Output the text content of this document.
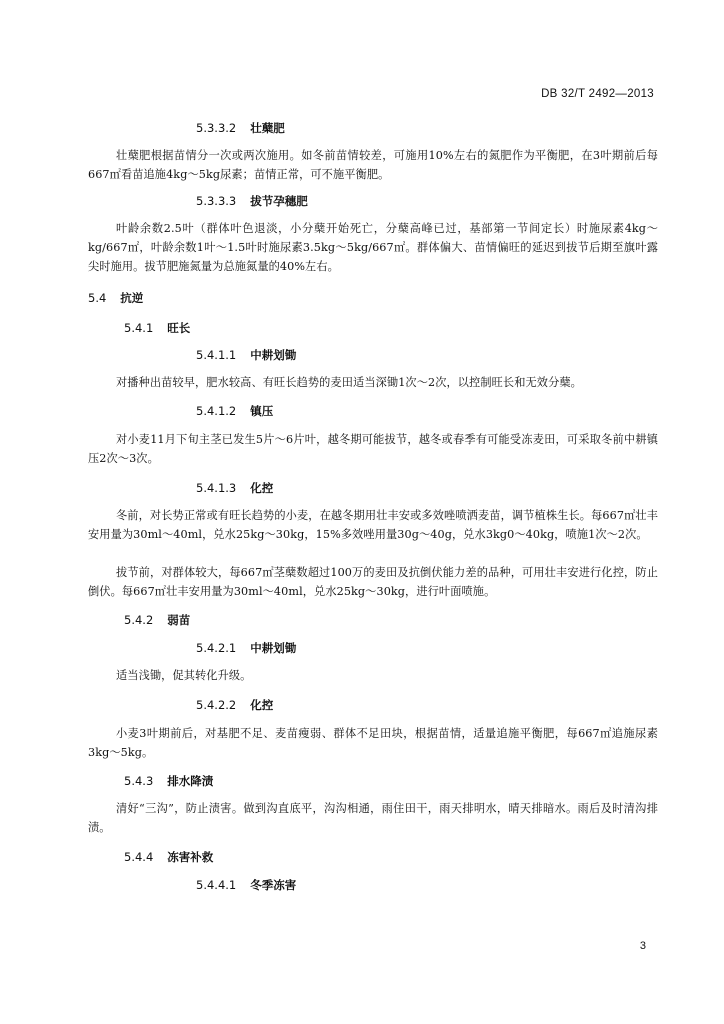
DB 32/T 2492—2013
5.3.3.2 壮蘖肥
壮蘖肥根据苗情分一次或两次施用。如冬前苗情较差，可施用10%左右的氮肥作为平衡肥，在3叶期前后每667㎡看苗追施4kg～5kg尿素；苗情正常，可不施平衡肥。
5.3.3.3 拔节孕穗肥
叶龄余数2.5叶（群体叶色退淡，小分蘖开始死亡，分蘖高峰已过，基部第一节间定长）时施尿素4kg～kg/667㎡，叶龄余数1叶～1.5叶时施尿素3.5kg～5kg/667㎡。群体偏大、苗情偏旺的延迟到拔节后期至旗叶露尖时施用。拔节肥施氮量为总施氮量的40%左右。
5.4 抗逆
5.4.1 旺长
5.4.1.1 中耕划锄
对播种出苗较早，肥水较高、有旺长趋势的麦田适当深锄1次～2次，以控制旺长和无效分蘖。
5.4.1.2 镇压
对小麦11月下旬主茎已发生5片～6片叶，越冬期可能拔节，越冬或春季有可能受冻麦田，可采取冬前中耕镇压2次～3次。
5.4.1.3 化控
冬前，对长势正常或有旺长趋势的小麦，在越冬期用壮丰安或多效唑喷洒麦苗，调节植株生长。每667㎡壮丰安用量为30ml～40ml，兑水25kg～30kg，15%多效唑用量30g～40g，兑水3kg0～40kg，喷施1次～2次。
拔节前，对群体较大，每667㎡茎蘖数超过100万的麦田及抗倒伏能力差的品种，可用壮丰安进行化控，防止倒伏。每667㎡壮丰安用量为30ml～40ml，兑水25kg～30kg，进行叶面喷施。
5.4.2 弱苗
5.4.2.1 中耕划锄
适当浅锄，促其转化升级。
5.4.2.2 化控
小麦3叶期前后，对基肥不足、麦苗瘦弱、群体不足田块，根据苗情，适量追施平衡肥，每667㎡追施尿素3kg～5kg。
5.4.3 排水降渍
清好“三沟”，防止渍害。做到沟直底平，沟沟相通，雨住田干，雨天排明水，晴天排暗水。雨后及时清沟排渍。
5.4.4 冻害补救
5.4.4.1 冬季冻害
3
